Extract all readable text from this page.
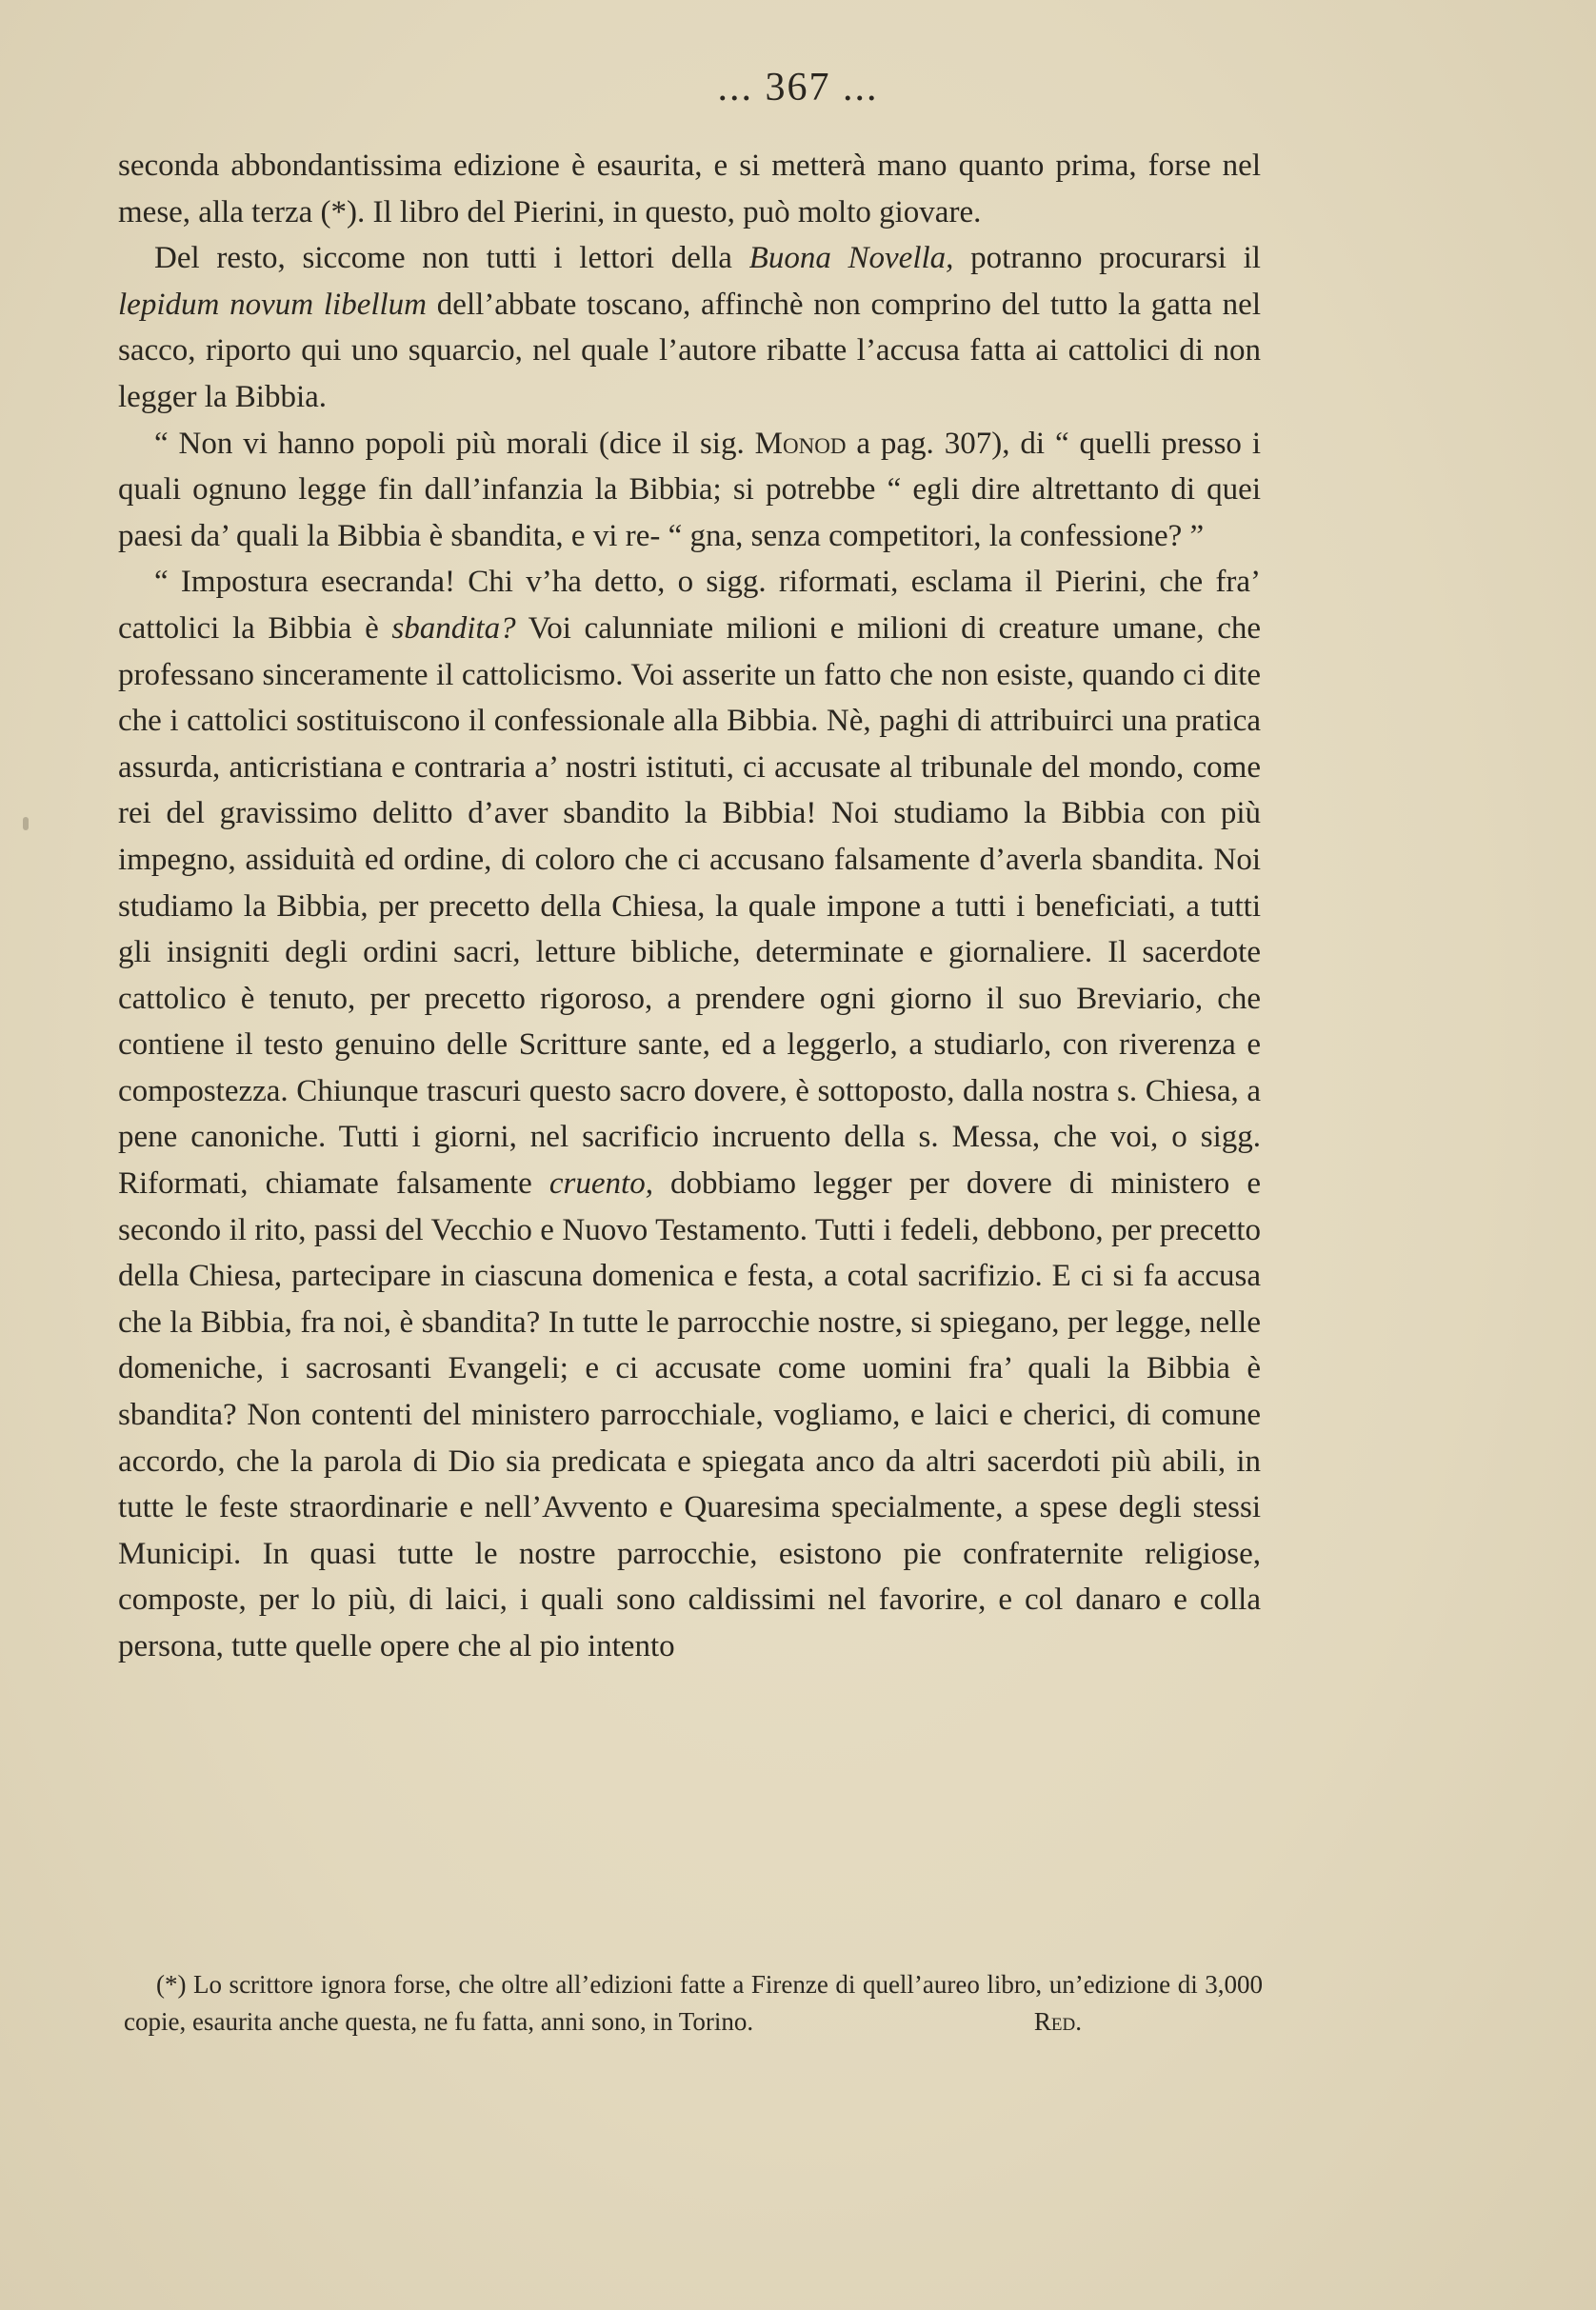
... 367 ...

seconda abbondantissima edizione è esaurita, e si metterà mano quanto prima, forse nel mese, alla terza (*). Il libro del Pierini, in questo, può molto giovare.

Del resto, siccome non tutti i lettori della Buona Novella, potranno procurarsi il lepidum novum libellum dell’abbate toscano, affinchè non comprino del tutto la gatta nel sacco, riporto qui uno squarcio, nel quale l’autore ribatte l’accusa fatta ai cattolici di non legger la Bibbia.

“ Non vi hanno popoli più morali (dice il sig. Monod a pag. 307), di “ quelli presso i quali ognuno legge fin dall’infanzia la Bibbia; si potrebbe “ egli dire altrettanto di quei paesi da’ quali la Bibbia è sbandita, e vi re- “ gna, senza competitori, la confessione? ”

“ Impostura esecranda! Chi v’ha detto, o sigg. riformati, esclama il Pierini, che fra’ cattolici la Bibbia è sbandita? Voi calunniate milioni e milioni di creature umane, che professano sinceramente il cattolicismo. Voi asserite un fatto che non esiste, quando ci dite che i cattolici sostituiscono il confessionale alla Bibbia. Nè, paghi di attribuirci una pratica assurda, anticristiana e contraria a’ nostri istituti, ci accusate al tribunale del mondo, come rei del gravissimo delitto d’aver sbandito la Bibbia! Noi studiamo la Bibbia con più impegno, assiduità ed ordine, di coloro che ci accusano falsamente d’averla sbandita. Noi studiamo la Bibbia, per precetto della Chiesa, la quale impone a tutti i beneficiati, a tutti gli insigniti degli ordini sacri, letture bibliche, determinate e giornaliere. Il sacerdote cattolico è tenuto, per precetto rigoroso, a prendere ogni giorno il suo Breviario, che contiene il testo genuino delle Scritture sante, ed a leggerlo, a studiarlo, con riverenza e compostezza. Chiunque trascuri questo sacro dovere, è sottoposto, dalla nostra s. Chiesa, a pene canoniche. Tutti i giorni, nel sacrificio incruento della s. Messa, che voi, o sigg. Riformati, chiamate falsamente cruento, dobbiamo legger per dovere di ministero e secondo il rito, passi del Vecchio e Nuovo Testamento. Tutti i fedeli, debbono, per precetto della Chiesa, partecipare in ciascuna domenica e festa, a cotal sacrifizio. E ci si fa accusa che la Bibbia, fra noi, è sbandita? In tutte le parrocchie nostre, si spiegano, per legge, nelle domeniche, i sacrosanti Evangeli; e ci accusate come uomini fra’ quali la Bibbia è sbandita? Non contenti del ministero parrocchiale, vogliamo, e laici e cherici, di comune accordo, che la parola di Dio sia predicata e spiegata anco da altri sacerdoti più abili, in tutte le feste straordinarie e nell’Avvento e Quaresima specialmente, a spese degli stessi Municipi. In quasi tutte le nostre parrocchie, esistono pie confraternite religiose, composte, per lo più, di laici, i quali sono caldissimi nel favorire, e col danaro e colla persona, tutte quelle opere che al pio intento

(*) Lo scrittore ignora forse, che oltre all’edizioni fatte a Firenze di quell’aureo libro, un’edizione di 3,000 copie, esaurita anche questa, ne fu fatta, anni sono, in Torino.	Red.
